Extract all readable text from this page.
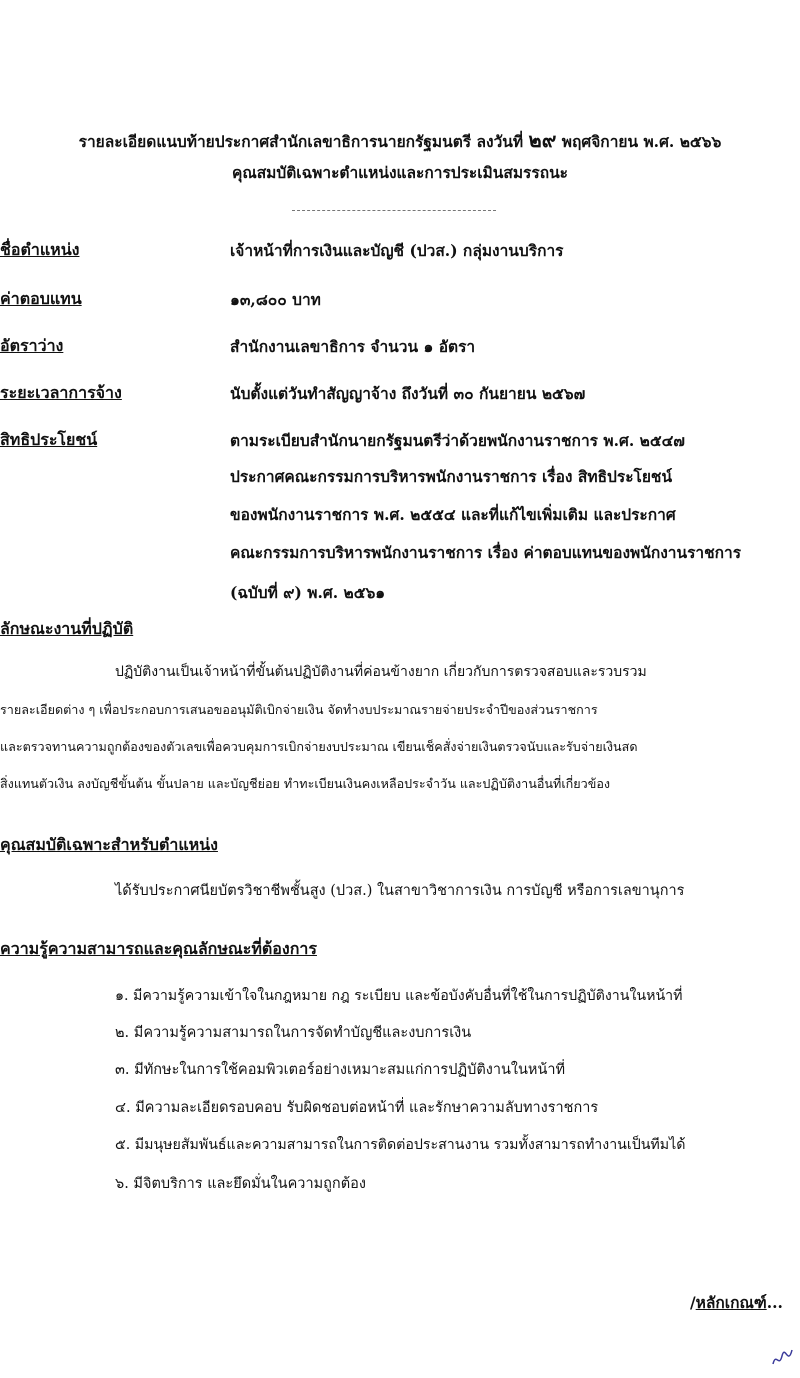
รายละเอียดแนบท้ายประกาศสำนักเลขาธิการนายกรัฐมนตรี ลงวันที่ ๒๙ พฤศจิกายน พ.ศ. ๒๕๖๖
คุณสมบัติเฉพาะตำแหน่งและการประเมินสมรรถนะ
ชื่อตำแหน่ง	เจ้าหน้าที่การเงินและบัญชี (ปวส.) กลุ่มงานบริการ
ค่าตอบแทน	๑๓,๘๐๐ บาท
อัตราว่าง	สำนักงานเลขาธิการ จำนวน ๑ อัตรา
ระยะเวลาการจ้าง	นับตั้งแต่วันทำสัญญาจ้าง ถึงวันที่ ๓๐ กันยายน ๒๕๖๗
สิทธิประโยชน์	ตามระเบียบสำนักนายกรัฐมนตรีว่าด้วยพนักงานราชการ พ.ศ. ๒๕๔๗
ประกาศคณะกรรมการบริหารพนักงานราชการ เรื่อง สิทธิประโยชน์
ของพนักงานราชการ พ.ศ. ๒๕๕๔ และที่แก้ไขเพิ่มเติม และประกาศ
คณะกรรมการบริหารพนักงานราชการ เรื่อง ค่าตอบแทนของพนักงานราชการ
(ฉบับที่ ๙) พ.ศ. ๒๕๖๑
ลักษณะงานที่ปฏิบัติ
ปฏิบัติงานเป็นเจ้าหน้าที่ขั้นต้นปฏิบัติงานที่ค่อนข้างยาก เกี่ยวกับการตรวจสอบและรวบรวม
รายละเอียดต่าง ๆ เพื่อประกอบการเสนอขออนุมัติเบิกจ่ายเงิน จัดทำงบประมาณรายจ่ายประจำปีของส่วนราชการ
และตรวจทานความถูกต้องของตัวเลขเพื่อควบคุมการเบิกจ่ายงบประมาณ เขียนเช็คสั่งจ่ายเงินตรวจนับและรับจ่ายเงินสด
สิ่งแทนตัวเงิน ลงบัญชีขั้นต้น ขั้นปลาย และบัญชีย่อย ทำทะเบียนเงินคงเหลือประจำวัน และปฏิบัติงานอื่นที่เกี่ยวข้อง
คุณสมบัติเฉพาะสำหรับตำแหน่ง
ได้รับประกาศนียบัตรวิชาชีพชั้นสูง (ปวส.) ในสาขาวิชาการเงิน การบัญชี หรือการเลขานุการ
ความรู้ความสามารถและคุณลักษณะที่ต้องการ
๑. มีความรู้ความเข้าใจในกฎหมาย กฎ ระเบียบ และข้อบังคับอื่นที่ใช้ในการปฏิบัติงานในหน้าที่
๒. มีความรู้ความสามารถในการจัดทำบัญชีและงบการเงิน
๓. มีทักษะในการใช้คอมพิวเตอร์อย่างเหมาะสมแก่การปฏิบัติงานในหน้าที่
๔. มีความละเอียดรอบคอบ รับผิดชอบต่อหน้าที่ และรักษาความลับทางราชการ
๕. มีมนุษยสัมพันธ์และความสามารถในการติดต่อประสานงาน รวมทั้งสามารถทำงานเป็นทีมได้
๖. มีจิตบริการ และยึดมั่นในความถูกต้อง
/หลักเกณฑ์...
